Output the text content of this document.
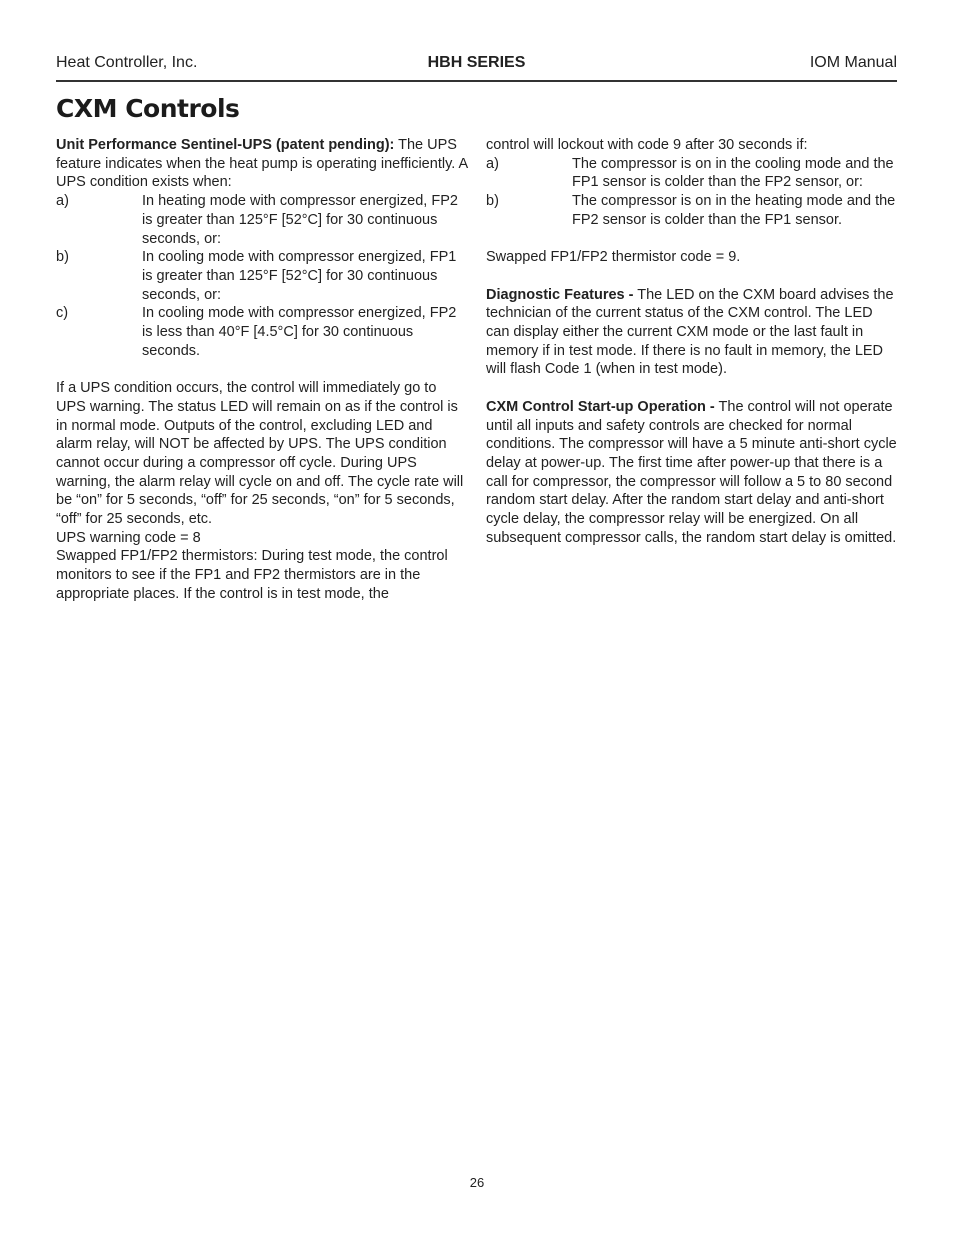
Heat Controller, Inc.	HBH SERIES	IOM Manual
CXM Controls

Unit Performance Sentinel-UPS (patent pending): The UPS feature indicates when the heat pump is operating inefficiently. A UPS condition exists when:

a)	In heating mode with compressor energized, FP2 is greater than 125°F [52°C] for 30 continuous seconds, or:
b)	In cooling mode with compressor energized, FP1 is greater than 125°F [52°C] for 30 continuous seconds, or:
c)	In cooling mode with compressor energized, FP2 is less than 40°F [4.5°C] for 30 continuous seconds.

If a UPS condition occurs, the control will immediately go to UPS warning. The status LED will remain on as if the control is in normal mode. Outputs of the control, excluding LED and alarm relay, will NOT be affected by UPS. The UPS condition cannot occur during a compressor off cycle. During UPS warning, the alarm relay will cycle on and off. The cycle rate will be “on” for 5 seconds, “off” for 25 seconds, “on” for 5 seconds, “off” for 25 seconds, etc.

UPS warning code = 8

Swapped FP1/FP2 thermistors: During test mode, the control monitors to see if the FP1 and FP2 thermistors are in the appropriate places. If the control is in test mode, the

control will lockout with code 9 after 30 seconds if:

a)	The compressor is on in the cooling mode and the FP1 sensor is colder than the FP2 sensor, or:
b)	The compressor is on in the heating mode and the FP2 sensor is colder than the FP1 sensor.

Swapped FP1/FP2 thermistor code = 9.

Diagnostic Features - The LED on the CXM board advises the technician of the current status of the CXM control. The LED can display either the current CXM mode or the last fault in memory if in test mode. If there is no fault in memory, the LED will flash Code 1 (when in test mode).

CXM Control Start-up Operation - The control will not operate until all inputs and safety controls are checked for normal conditions. The compressor will have a 5 minute anti-short cycle delay at power-up. The first time after power-up that there is a call for compressor, the compressor will follow a 5 to 80 second random start delay. After the random start delay and anti-short cycle delay, the compressor relay will be energized. On all subsequent compressor calls, the random start delay is omitted.

26
